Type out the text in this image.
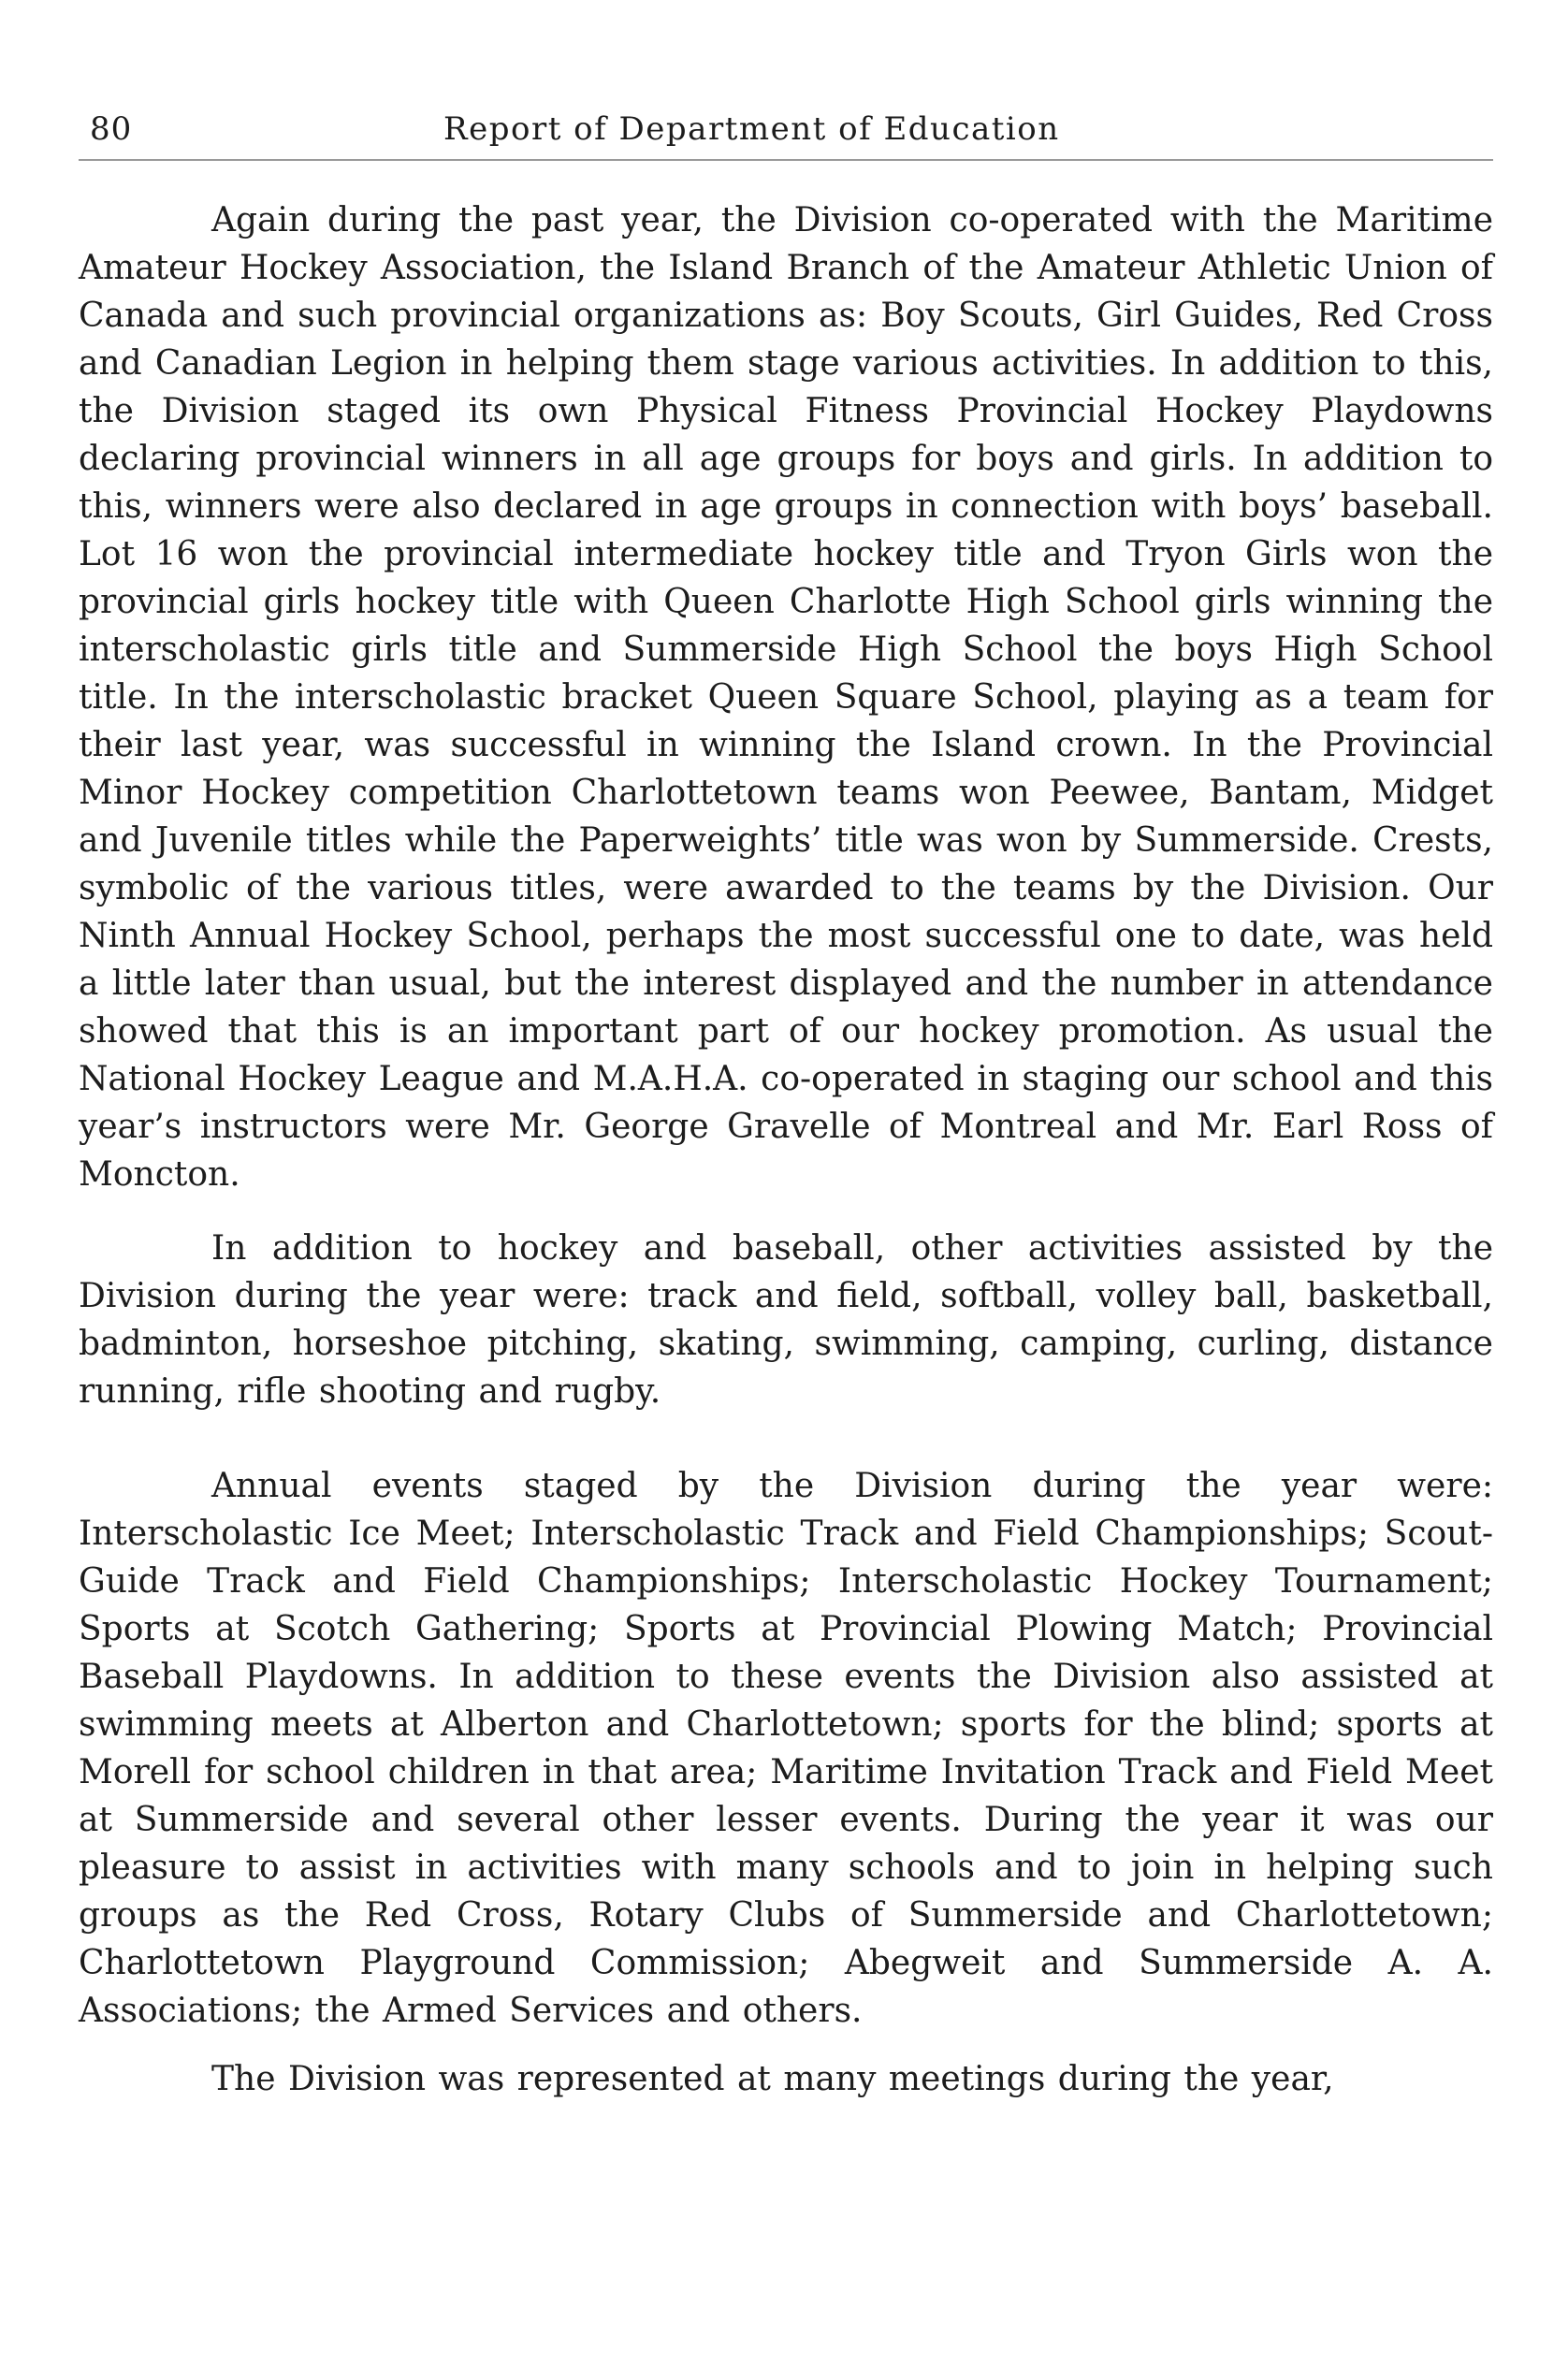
80	Report of Department of Education

Again during the past year, the Division co-operated with the Maritime Amateur Hockey Association, the Island Branch of the Amateur Athletic Union of Canada and such provincial organizations as: Boy Scouts, Girl Guides, Red Cross and Canadian Legion in helping them stage various activities. In addition to this, the Division staged its own Physical Fitness Provincial Hockey Playdowns declaring provincial winners in all age groups for boys and girls. In addition to this, winners were also declared in age groups in connection with boys’ baseball. Lot 16 won the provincial intermediate hockey title and Tryon Girls won the provincial girls hockey title with Queen Charlotte High School girls winning the interscholastic girls title and Summerside High School the boys High School title. In the interscholastic bracket Queen Square School, playing as a team for their last year, was successful in winning the Island crown. In the Provincial Minor Hockey competition Charlottetown teams won Peewee, Bantam, Midget and Juvenile titles while the Paperweights’ title was won by Summerside. Crests, symbolic of the various titles, were awarded to the teams by the Division. Our Ninth Annual Hockey School, perhaps the most successful one to date, was held a little later than usual, but the interest displayed and the number in attendance showed that this is an important part of our hockey promotion. As usual the National Hockey League and M.A.H.A. co-operated in staging our school and this year’s instructors were Mr. George Gravelle of Montreal and Mr. Earl Ross of Moncton.

In addition to hockey and baseball, other activities assisted by the Division during the year were: track and field, softball, volley ball, basketball, badminton, horseshoe pitching, skating, swimming, camping, curling, distance running, rifle shooting and rugby.

Annual events staged by the Division during the year were: Interscholastic Ice Meet; Interscholastic Track and Field Championships; Scout-Guide Track and Field Championships; Interscholastic Hockey Tournament; Sports at Scotch Gathering; Sports at Provincial Plowing Match; Provincial Baseball Playdowns. In addition to these events the Division also assisted at swimming meets at Alberton and Charlottetown; sports for the blind; sports at Morell for school children in that area; Maritime Invitation Track and Field Meet at Summerside and several other lesser events. During the year it was our pleasure to assist in activities with many schools and to join in helping such groups as the Red Cross, Rotary Clubs of Summerside and Charlottetown; Charlottetown Playground Commission; Abegweit and Summerside A. A. Associations; the Armed Services and others.

The Division was represented at many meetings during the year,
